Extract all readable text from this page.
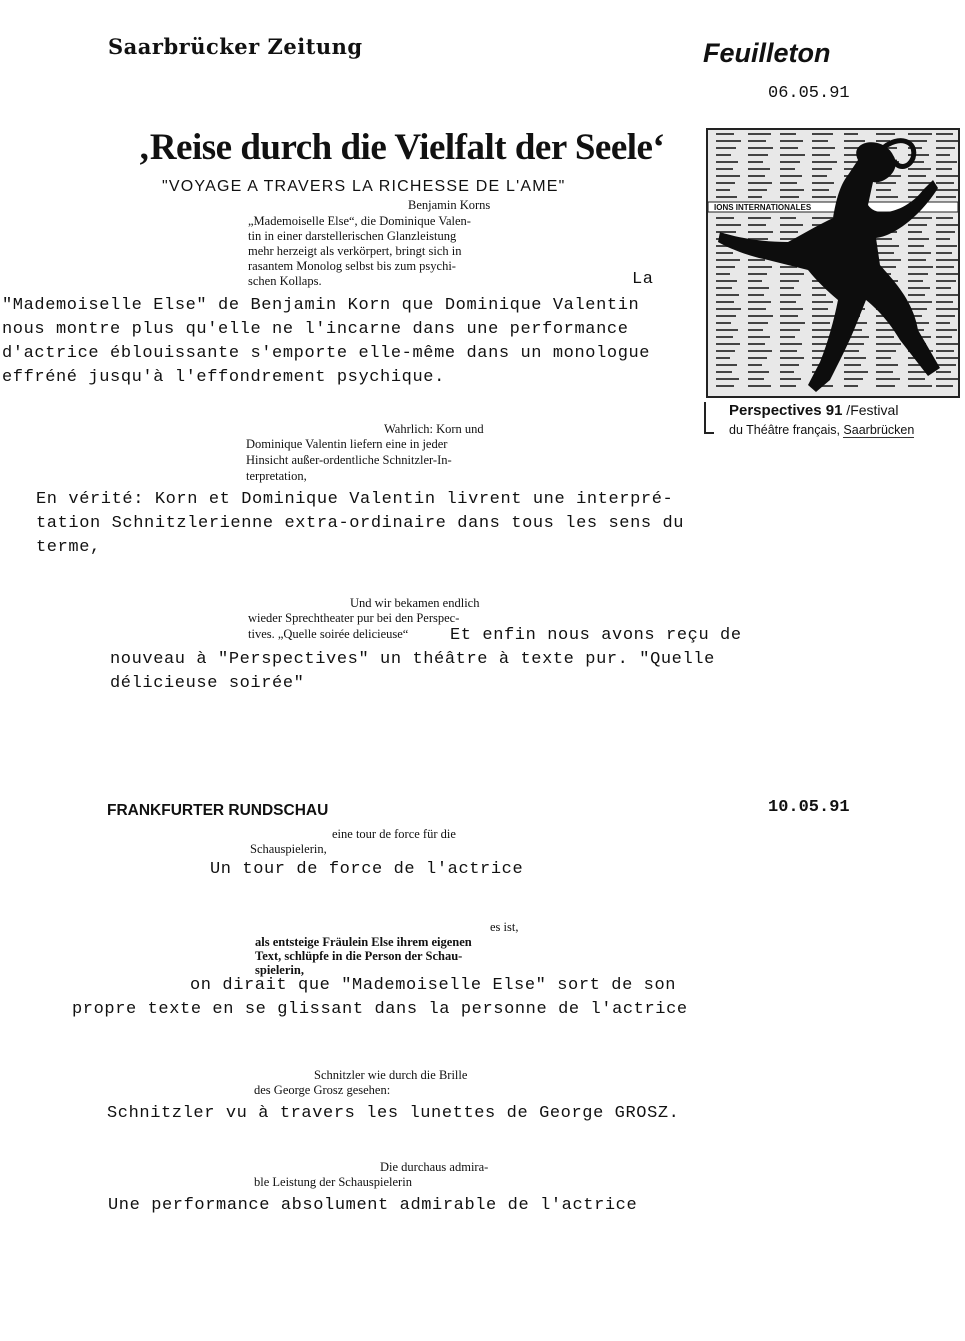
Saarbrücker Zeitung	Feuilleton
06.05.91
‚Reise durch die Vielfalt der Seele‘
"VOYAGE A TRAVERS LA RICHESSE DE L'AME"
Benjamin Korns
„Mademoiselle Else“, die Dominique Valen-
tin in einer darstellerischen Glanzleistung
mehr herzeigt als verkörpert, bringt sich in
rasantem Monolog selbst bis zum psychi-
schen Kollaps.	La
"Mademoiselle Else" de Benjamin Korn que Dominique Valentin
nous montre plus qu'elle ne l'incarne dans une performance
d'actrice éblouissante s'emporte elle-même dans un monologue
effréné jusqu'à l'effondrement psychique.
IONS INTERNATIONALES
Perspectives 91 /Festival
du Théâtre français, Saarbrücken
Wahrlich: Korn und
Dominique Valentin liefern eine in jeder
Hinsicht außer-ordentliche Schnitzler-In-
terpretation,
En vérité: Korn et Dominique Valentin livrent une interpré-
tation Schnitzlerienne extra-ordinaire dans tous les sens du
terme,
Und wir bekamen endlich
wieder Sprechtheater pur bei den Perspec-
tives. „Quelle soirée delicieuse“ Et enfin nous avons reçu de
nouveau à "Perspectives" un théâtre à texte pur. "Quelle
délicieuse soirée"
FRANKFURTER RUNDSCHAU	10.05.91
eine tour de force für die
Schauspielerin,
Un tour de force de l'actrice
es ist,
als entsteige Fräulein Else ihrem eigenen
Text, schlüpfe in die Person der Schau-
spielerin,
on dirait que "Mademoiselle Else" sort de son
propre texte en se glissant dans la personne de l'actrice
Schnitzler wie durch die Brille
des George Grosz gesehen:
Schnitzler vu à travers les lunettes de George GROSZ.
Die durchaus admira-
ble Leistung der Schauspielerin
Une performance absolument admirable de l'actrice
